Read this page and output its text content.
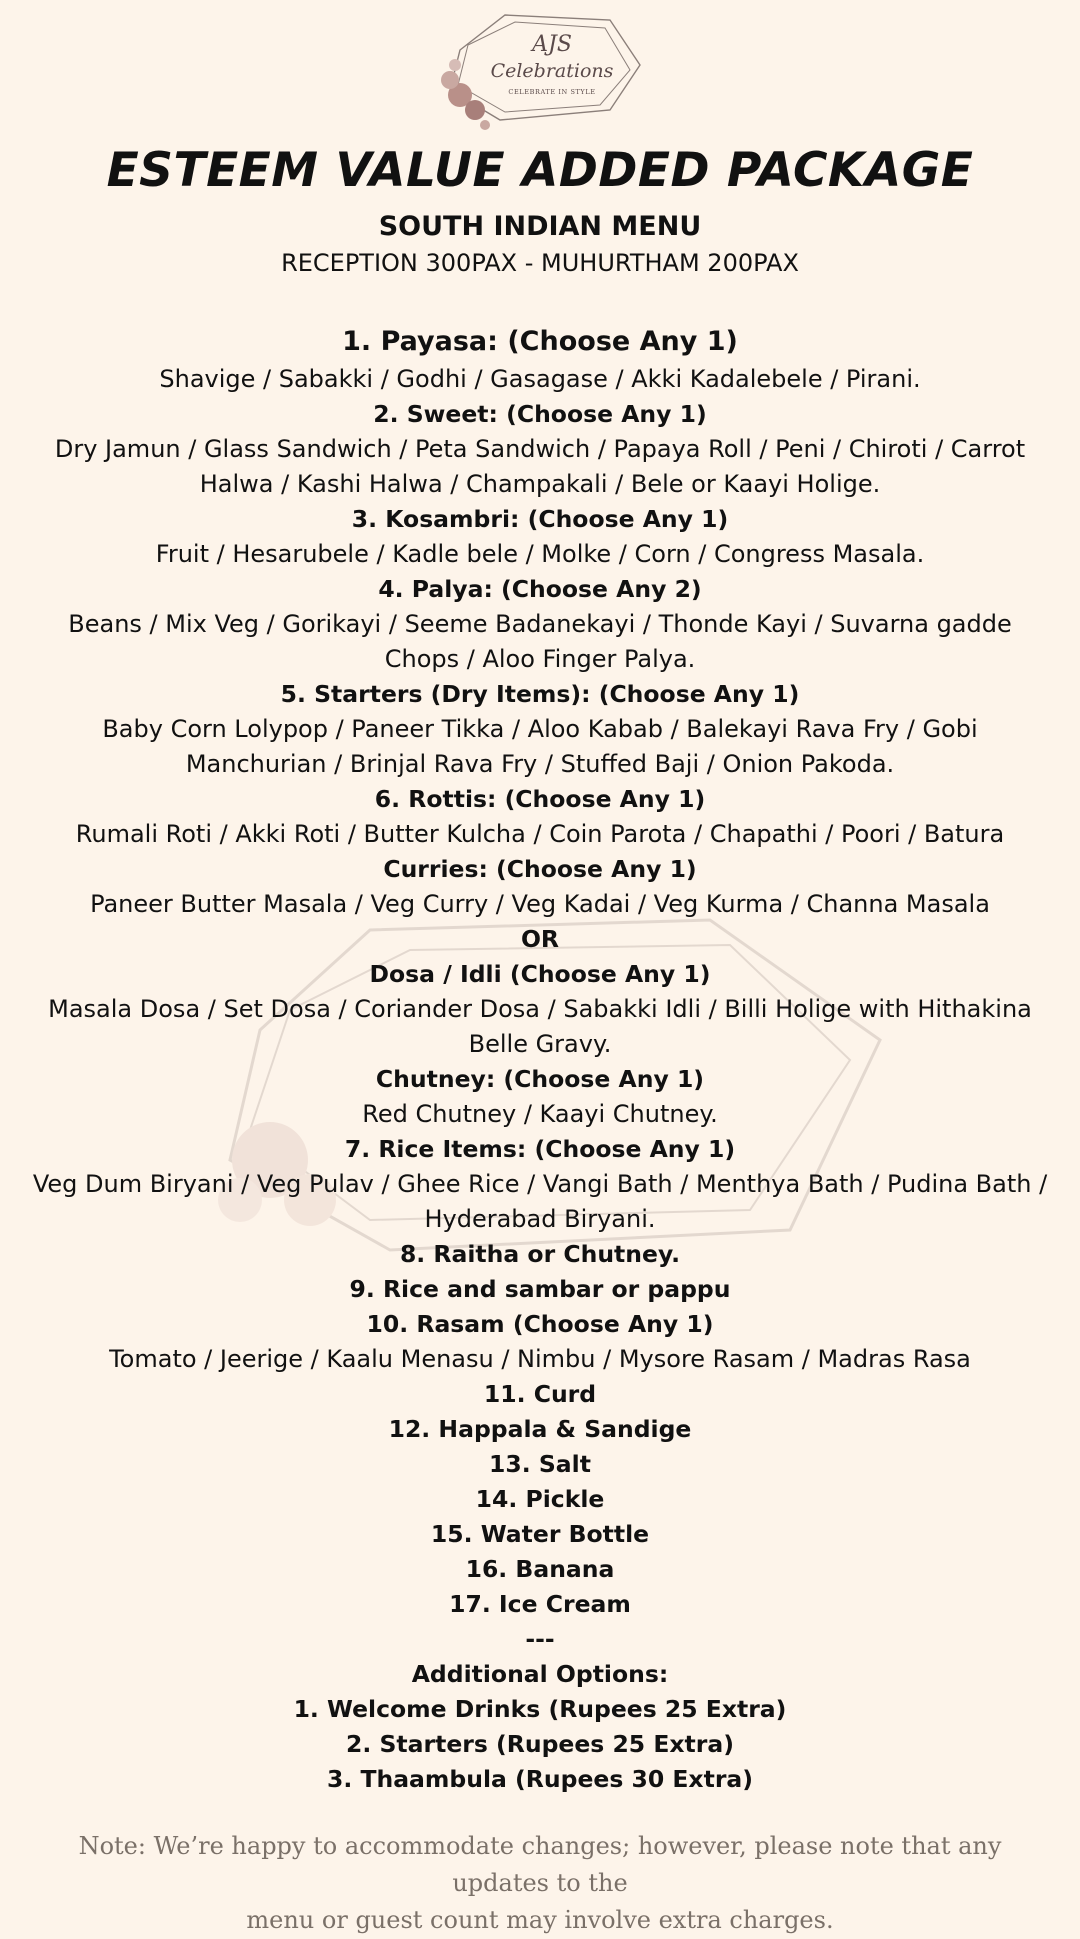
AJS
Celebrations
CELEBRATE IN STYLE
ESTEEM VALUE ADDED PACKAGE
SOUTH INDIAN MENU
RECEPTION 300PAX - MUHURTHAM 200PAX

1. Payasa: (Choose Any 1)

Shavige / Sabakki / Godhi / Gasagase / Akki Kadalebele / Pirani.

2. Sweet: (Choose Any 1)

Dry Jamun / Glass Sandwich / Peta Sandwich / Papaya Roll / Peni / Chiroti / Carrot

Halwa / Kashi Halwa / Champakali / Bele or Kaayi Holige.

3. Kosambri: (Choose Any 1)

Fruit / Hesarubele / Kadle bele / Molke / Corn / Congress Masala.

4. Palya: (Choose Any 2)

Beans / Mix Veg / Gorikayi / Seeme Badanekayi / Thonde Kayi / Suvarna gadde

Chops / Aloo Finger Palya.

5. Starters (Dry Items): (Choose Any 1)

Baby Corn Lolypop / Paneer Tikka / Aloo Kabab / Balekayi Rava Fry / Gobi

Manchurian / Brinjal Rava Fry / Stuffed Baji / Onion Pakoda.

6. Rottis: (Choose Any 1)

Rumali Roti / Akki Roti / Butter Kulcha / Coin Parota / Chapathi / Poori / Batura

Curries: (Choose Any 1)

Paneer Butter Masala / Veg Curry / Veg Kadai / Veg Kurma / Channa Masala

OR

Dosa / Idli (Choose Any 1)

Masala Dosa / Set Dosa / Coriander Dosa / Sabakki Idli / Billi Holige with Hithakina

Belle Gravy.

Chutney: (Choose Any 1)

Red Chutney / Kaayi Chutney.

7. Rice Items: (Choose Any 1)

Veg Dum Biryani / Veg Pulav / Ghee Rice / Vangi Bath / Menthya Bath / Pudina Bath /

Hyderabad Biryani.

8. Raitha or Chutney.

9. Rice and sambar or pappu

10. Rasam (Choose Any 1)

Tomato / Jeerige / Kaalu Menasu / Nimbu / Mysore Rasam / Madras Rasa

11. Curd

12. Happala & Sandige

13. Salt

14. Pickle

15. Water Bottle

16. Banana

17. Ice Cream

---

Additional Options:

1. Welcome Drinks (Rupees 25 Extra)

2. Starters (Rupees 25 Extra)

3. Thaambula (Rupees 30 Extra)

Note: We’re happy to accommodate changes; however, please note that any updates to the
menu or guest count may involve extra charges.
